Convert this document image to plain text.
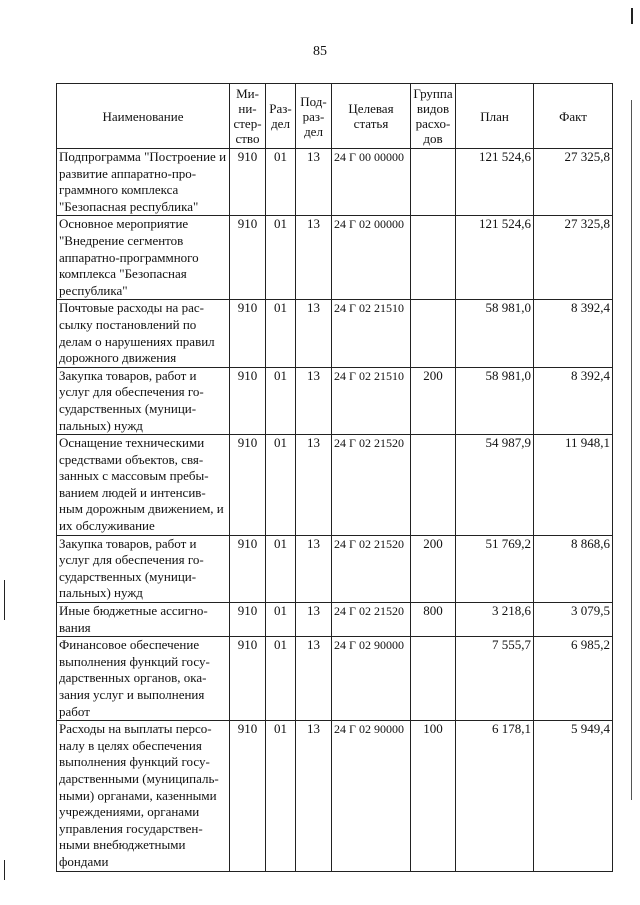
85
Наименование	Ми-ни-стер-ство	Раз-дел	Под-раз-дел	Целевая статья	Группа видов расхо-дов	План	Факт
Подпрограмма "Построение и развитие аппаратно-про-граммного комплекса "Безопасная республика"	910	01	13	24 Г 00 00000		121 524,6	27 325,8
Основное мероприятие "Внедрение сегментов аппаратно-программного комплекса "Безопасная республика"	910	01	13	24 Г 02 00000		121 524,6	27 325,8
Почтовые расходы на рас-сылку постановлений по делам о нарушениях правил дорожного движения	910	01	13	24 Г 02 21510		58 981,0	8 392,4
Закупка товаров, работ и услуг для обеспечения го-сударственных (муници-пальных) нужд	910	01	13	24 Г 02 21510	200	58 981,0	8 392,4
Оснащение техническими средствами объектов, свя-занных с массовым пребы-ванием людей и интенсив-ным дорожным движением, и их обслуживание	910	01	13	24 Г 02 21520		54 987,9	11 948,1
Закупка товаров, работ и услуг для обеспечения го-сударственных (муници-пальных) нужд	910	01	13	24 Г 02 21520	200	51 769,2	8 868,6
Иные бюджетные ассигно-вания	910	01	13	24 Г 02 21520	800	3 218,6	3 079,5
Финансовое обеспечение выполнения функций госу-дарственных органов, ока-зания услуг и выполнения работ	910	01	13	24 Г 02 90000		7 555,7	6 985,2
Расходы на выплаты персо-налу в целях обеспечения выполнения функций госу-дарственными (муниципаль-ными) органами, казенными учреждениями, органами управления государствен-ными внебюджетными фондами	910	01	13	24 Г 02 90000	100	6 178,1	5 949,4
